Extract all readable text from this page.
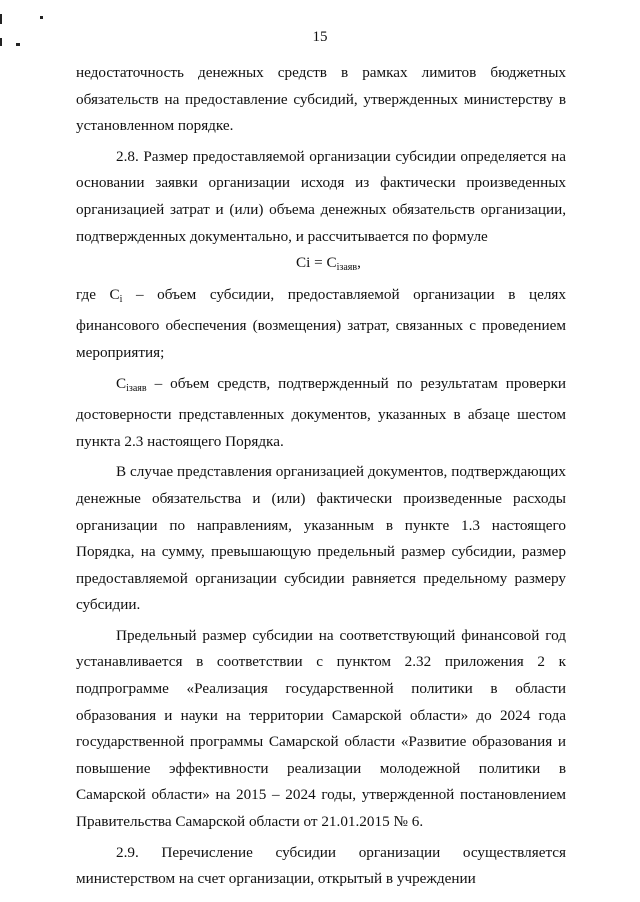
15

недостаточность денежных средств в рамках лимитов бюджетных обязательств на предоставление субсидий, утвержденных министерству в установленном порядке.

2.8. Размер предоставляемой организации субсидии определяется на основании заявки организации исходя из фактически произведенных организацией затрат и (или) объема денежных обязательств организации, подтвержденных документально, и рассчитывается по формуле

$Ci = C_{iзаяв}$,

где $C_i$ – объем субсидии, предоставляемой организации в целях финансового обеспечения (возмещения) затрат, связанных с проведением мероприятия;

$C_{iзаяв}$ – объем средств, подтвержденный по результатам проверки достоверности представленных документов, указанных в абзаце шестом пункта 2.3 настоящего Порядка.

В случае представления организацией документов, подтверждающих денежные обязательства и (или) фактически произведенные расходы организации по направлениям, указанным в пункте 1.3 настоящего Порядка, на сумму, превышающую предельный размер субсидии, размер предоставляемой организации субсидии равняется предельному размеру субсидии.

Предельный размер субсидии на соответствующий финансовой год устанавливается в соответствии с пунктом 2.32 приложения 2 к подпрограмме «Реализация государственной политики в области образования и науки на территории Самарской области» до 2024 года государственной программы Самарской области «Развитие образования и повышение эффективности реализации молодежной политики в Самарской области» на 2015 – 2024 годы, утвержденной постановлением Правительства Самарской области от 21.01.2015 № 6.

2.9. Перечисление субсидии организации осуществляется министерством на счет организации, открытый в учреждении
